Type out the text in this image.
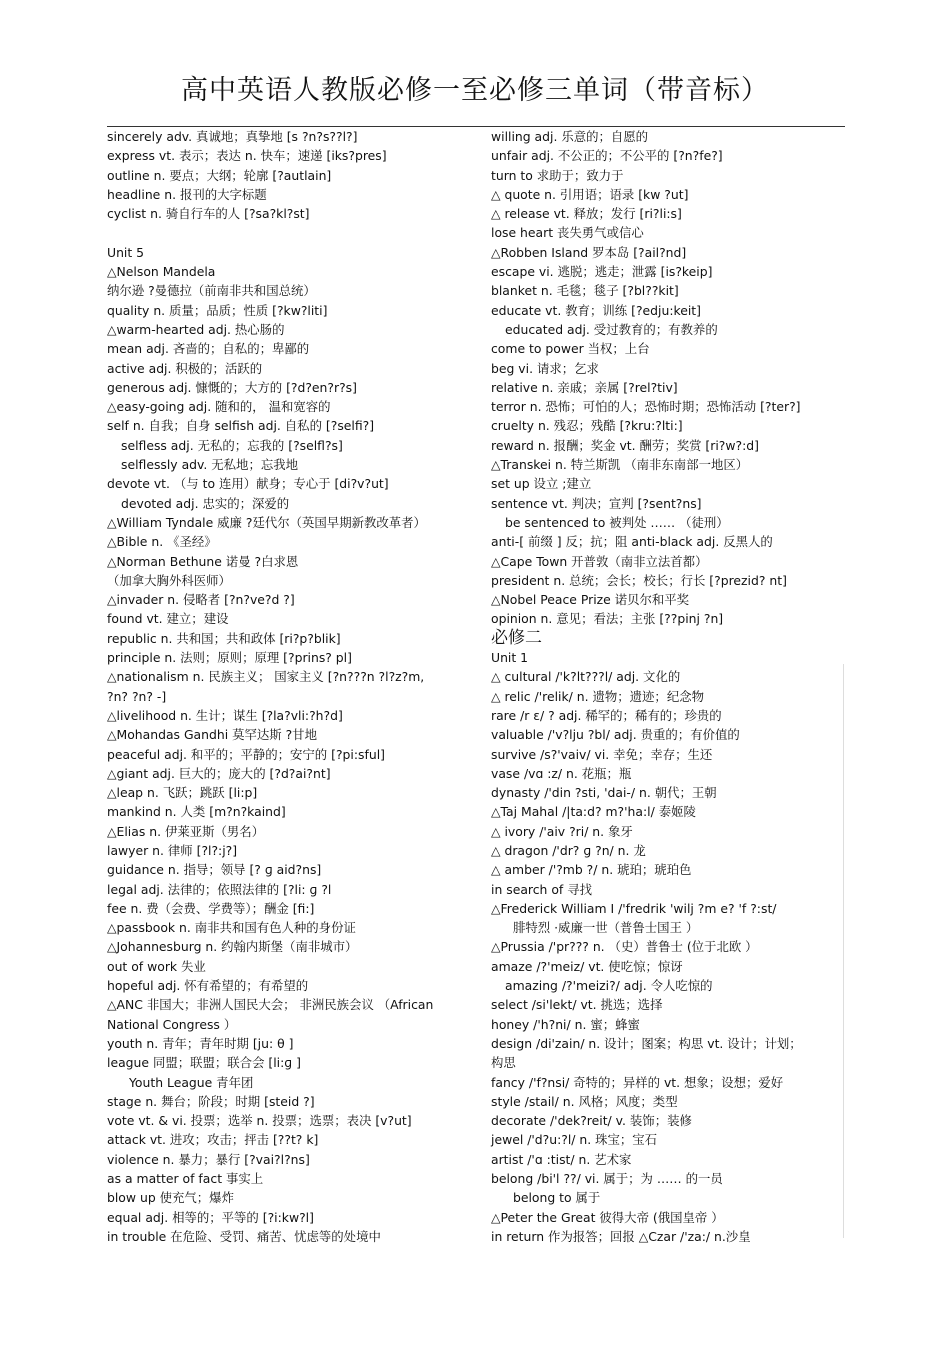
高中英语人教版必修一至必修三单词（带音标）
sincerely adv. 真诚地；真挚地 [s ?n?s??l?]
express vt. 表示；表达 n. 快车；速递 [iks?pres]
outline n. 要点；大纲；轮廓 [?autlain]
headline n. 报刊的大字标题
cyclist n. 骑自行车的人 [?sa?kl?st]
Unit 5
△Nelson Mandela
纳尔逊 ?曼德拉（前南非共和国总统）
quality n. 质量；品质；性质 [?kw?liti]
△warm-hearted adj. 热心肠的
mean adj. 吝啬的；自私的；卑鄙的
active adj. 积极的；活跃的
generous adj. 慷慨的；大方的 [?d?en?r?s]
△easy-going adj. 随和的， 温和宽容的
self n. 自我；自身 selfish adj. 自私的 [?selfi?]
selfless adj. 无私的；忘我的 [?selfl?s]
selflessly adv. 无私地；忘我地
devote vt. （与 to 连用）献身；专心于 [di?v?ut]
devoted adj. 忠实的；深爱的
△William Tyndale 威廉 ?廷代尔（英国早期新教改革者）
△Bible n. 《圣经》
△Norman Bethune 诺曼 ?白求恩
（加拿大胸外科医师）
△invader n. 侵略者 [?n?ve?d ?]
found vt. 建立；建设
republic n. 共和国；共和政体 [ri?p?blik]
principle n. 法则；原则；原理 [?prins? pl]
△nationalism n. 民族主义； 国家主义 [?n???n ?l?z?m,
?n? ?n? -]
△livelihood n. 生计；谋生 [?la?vli:?h?d]
△Mohandas Gandhi 莫罕达斯 ?甘地
peaceful adj. 和平的；平静的；安宁的 [?pi:sful]
△giant adj. 巨大的；庞大的 [?d?ai?nt]
△leap n. 飞跃；跳跃 [li:p]
mankind n. 人类 [m?n?kaind]
△Elias n. 伊莱亚斯（男名）
lawyer n. 律师 [?l?:j?]
guidance n. 指导；领导 [? ɡ aid?ns]
legal adj. 法律的；依照法律的 [?li: ɡ ?l
fee n. 费（会费、学费等）；酬金 [fi:]
△passbook n. 南非共和国有色人种的身份证
△Johannesburg n. 约翰内斯堡（南非城市）
out of work 失业
hopeful adj. 怀有希望的；有希望的
△ANC 非国大；非洲人国民大会； 非洲民族会议 （African
National Congress ）
youth n. 青年；青年时期 [ju: θ ]
league 同盟；联盟；联合会 [li:ɡ ]
Youth League 青年团
stage n. 舞台；阶段；时期 [steid ?]
vote vt. & vi. 投票；选举 n. 投票；选票；表决 [v?ut]
attack vt. 进攻；攻击；抨击 [??t? k]
violence n. 暴力；暴行 [?vai?l?ns]
as a matter of fact 事实上
blow up 使充气；爆炸
equal adj. 相等的；平等的 [?i:kw?l]
in trouble 在危险、受罚、痛苦、忧虑等的处境中
willing adj. 乐意的；自愿的
unfair adj. 不公正的；不公平的 [?n?fe?]
turn to 求助于；致力于
△ quote n. 引用语；语录 [kw ?ut]
△ release vt. 释放；发行 [ri?li:s]
lose heart 丧失勇气或信心
△Robben Island 罗本岛 [?ail?nd]
escape vi. 逃脱；逃走；泄露 [is?keip]
blanket n. 毛毯；毯子 [?bl??kit]
educate vt. 教育；训练 [?edju:keit]
educated adj. 受过教育的；有教养的
come to power 当权；上台
beg vi. 请求；乞求
relative n. 亲戚；亲属 [?rel?tiv]
terror n. 恐怖；可怕的人；恐怖时期；恐怖活动 [?ter?]
cruelty n. 残忍；残酷 [?kru:?lti:]
reward n. 报酬；奖金 vt. 酬劳；奖赏 [ri?w?:d]
△Transkei n. 特兰斯凯 （南非东南部一地区）
set up 设立 ;建立
sentence vt. 判决；宣判 [?sent?ns]
be sentenced to 被判处 …… （徒刑）
anti-[ 前缀 ] 反；抗；阻 anti-black adj. 反黑人的
△Cape Town 开普敦（南非立法首都）
president n. 总统；会长；校长；行长 [?prezid? nt]
△Nobel Peace Prize 诺贝尔和平奖
opinion n. 意见；看法；主张 [??pinj ?n]
必修二
Unit 1
△ cultural /'k?lt???l/ adj. 文化的
△ relic /'relik/ n. 遗物；遗迹；纪念物
rare /r ε/ ? adj. 稀罕的；稀有的；珍贵的
valuable /'v?lju ?bl/ adj. 贵重的；有价值的
survive /s?'vaiv/ vi. 幸免；幸存；生还
vase /vɑ :z/ n. 花瓶；瓶
dynasty /'din ?sti, 'dai-/ n. 朝代；王朝
△Taj Mahal /|ta:d? m?'ha:l/ 泰姬陵
△ ivory /'aiv ?ri/ n. 象牙
△ dragon /'dr? ɡ ?n/ n. 龙
△ amber /'?mb ?/ n. 琥珀；琥珀色
in search of 寻找
△Frederick William I /'fredrik 'wilj ?m e? 'f ?:st/
腓特烈 ·威廉一世（普鲁士国王 ）
△Prussia /'pr??? n. （史）普鲁士 (位于北欧 ）
amaze /?'meiz/ vt. 使吃惊；惊讶
amazing /?'meizi?/ adj. 令人吃惊的
select /si'lekt/ vt. 挑选；选择
honey /'h?ni/ n. 蜜；蜂蜜
design /di'zain/ n. 设计；图案；构思 vt. 设计；计划；
构思
fancy /'f?nsi/ 奇特的；异样的 vt. 想象；设想；爱好
style /stail/ n. 风格；风度；类型
decorate /'dek?reit/ v. 装饰；装修
jewel /'d?u:?l/ n. 珠宝；宝石
artist /'ɑ :tist/ n. 艺术家
belong /bi'l ??/ vi. 属于；为 …… 的一员
belong to 属于
△Peter the Great 彼得大帝 (俄国皇帝 ）
in return 作为报答；回报 △Czar /'za:/ n.沙皇
